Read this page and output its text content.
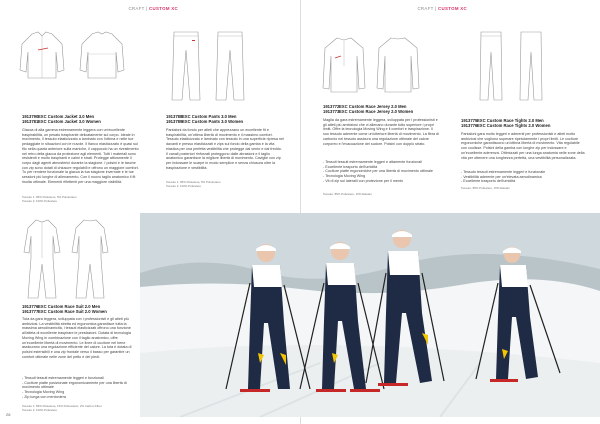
CRAFT | CUSTOM XC
1913790EXC Custom Jacket 3.0 Men
1913781EXC Custom Jacket 3.0 Women
Giacca di alta gamma estremamente leggera con un'eccellente traspirabilità, un pesato traspirante delicatamente sul corpo. Ideale in movimento, il tessuto elasticizzato a laminato con l'ottima e nelle tue pedaggiate in situazioni con le nuvole. Il fianco elasticizzato è quasi sul filo nella quarta anteriore sulla maniche, il cappuccio ha un rivestimento nel retro della giacca da protezione agli elementi. Tutti i materiali sono resistenti e molto traspiranti e calmi e strati. Protegge attivamente il corpo dagli agenti atmosferici durante la stagione. I polsini e le tasche con zip sono dotati di chiusure regolabili e offrono un maggiore comfort. Tu per rendere funzionale la giacca la tua stagione invernale e le tue sessioni più lunghe di allenamento. Con il nuovo taglio anatomico il fit risulta ottimale. Elementi riflettenti per una maggiore visibilità.
Tessuto 1: 95% Poliestere, 5% Poliuretano
Tessuto 2: 100% Poliestere
1913788EXC Custom Pants 3.0 Men
1913789EXC Custom Pants 3.0 Women
Pantaloni da fondo per atleti che apprezzano un eccellente fit e traspirabilità, un'ottima libertà di movimento e il massimo comfort. Tessuto elasticizzato e laminato con tessuto in una superficie ripresa nel davanti e presso elasticizzati e zips sul fondo della gamba e la vita elastica per una perfetta vestibilità che protegge dal vento e dal freddo. Il canali posteriori rinforzati proteggono dalle abrasioni e il taglio anatomico garantisce la migliore libertà di movimento. Caviglie con zip per indossare le scarpe in modo semplice e senza chiusura oltre la traspirazione e vestibilità.
Tessuto 1: 95% Poliestere, 5% Poliuretano
Tessuto 2: 100% Poliestere
1913776EXC Custom Race Suit 2.0 Men
1913777EXC Custom Race Suit 2.0 Women
Tuta da gara leggera, sviluppata con i professionisti e gli atleti più ambiziosi. La vestibilità stretta ed ergonomica garantisce tutta la massima aerodinamicità, i tessuti elasticizzati offrono una funzione all'atleta di eccellente traspirare le prestazioni. Dotata di tecnologia Moving Wing in combinazione con il taglio anatomico, offre un'eccellente libertà di movimento. Le linee di cuciture nel bene assicurano una regolazione efficiente del calore. La tuta è dotata di polsini estensibili e una zip frontale verso il basso per garantire un comfort ottimale nelle zone del petto e dei piedi.
- Tessuti tessuti estremamente leggeri e funzionali
- Cuciture piatte posizionate ergonomicamente per una libertà di movimento ottimale
- Tecnologia Moving Wing
- Zip lunga con mentoniera
Tessuto 1: 83% Poliestere, 15% Poliuretano, 2% Carbon Fiber
Tessuto 2: 100% Poliestere
28
CRAFT | CUSTOM XC
1913772EXC Custom Race Jersey 2.0 Men
1913773EXC Custom Race Jersey 2.0 Women
Maglia da gara estremamente leggera, sviluppata per i professionisti e gli atleti più ambiziosi che vi allenano durante tutto superiore i propri limiti. Offre la tecnologia Moving Wing e il comfort e traspirazione. Il suo tessuto aderente come un'ulteriore libertà di movimento. La fibra di carbonio nel tessuto assicura una regolazione ottimale del calore corporeo e l'evacuazione del sudore. Polsini con doppio strato.
- Tessuti tessuti estremamente leggeri e altamente funzionali
- Eccellente trasporto dell'umidità
- Cuciture piatte ergonomiche per una libertà di movimento ottimale
- Tecnologia Moving Wing
- Vit di zip sul lateralli con protezione per il mento
Tessuto: 85% Poliestere, 15% Elastan
1913775EXC Custom Race Tights 2.0 Men
1913776EXC Custom Race Tights 2.0 Women
Pantaloni gara molto leggeri e aderenti per professionisti e atleti molto ambiziosi che vogliono superare ripetutamente i propri limiti. Le cuciture ergonomiche garantiscono un'ottima libertà di movimento. Vita regolabile con coulisse. Polsini della gamba con lunghe zip per indossare e un'eccellente aderenza. Ottimizzati per una lunga anatomia nelle zone della vita per ottenere una lunghezza perfetta, una vestibilità personalizzata.
- Tessuto tessuti estremamente leggeri e funzionale
- Vestibilità aderente per un'elevata aerodinamica
- Eccellente trasporto dell'umidità
Tessuto: 85% Poliestere, 15% Elastan
